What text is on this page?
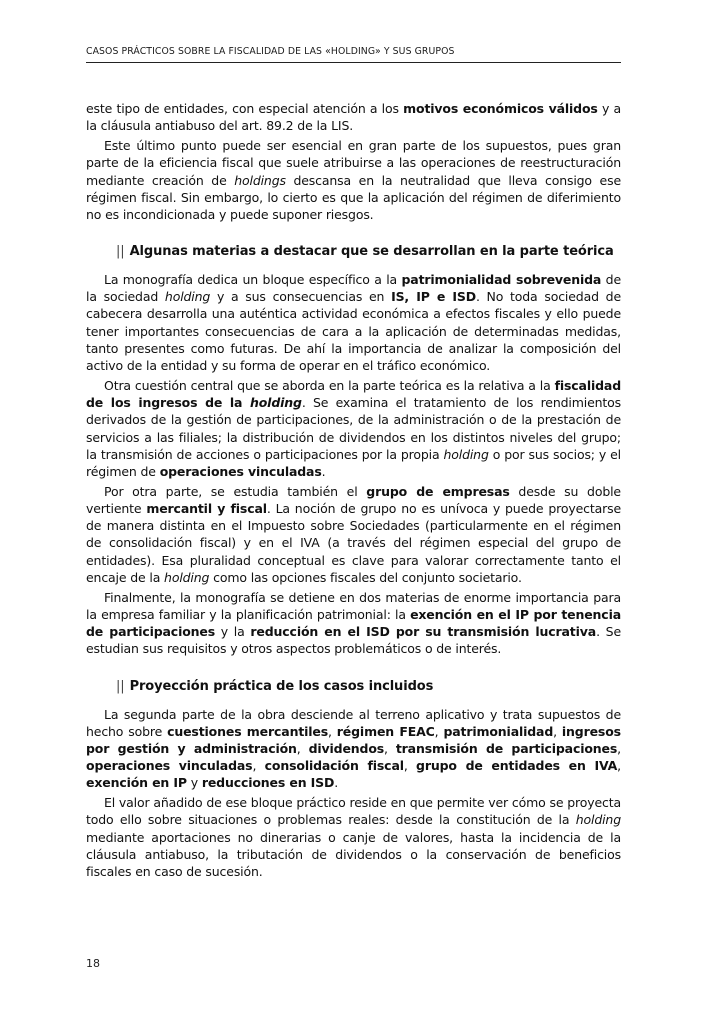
CASOS PRÁCTICOS SOBRE LA FISCALIDAD DE LAS «HOLDING» Y SUS GRUPOS

este tipo de entidades, con especial atención a los motivos económicos válidos y a la cláusula antiabuso del art. 89.2 de la LIS.

Este último punto puede ser esencial en gran parte de los supuestos, pues gran parte de la eficiencia fiscal que suele atribuirse a las operaciones de reestructuración mediante creación de holdings descansa en la neutralidad que lleva consigo ese régimen fiscal. Sin embargo, lo cierto es que la aplicación del régimen de diferimiento no es incondicionada y puede suponer riesgos.

|| Algunas materias a destacar que se desarrollan en la parte teórica

La monografía dedica un bloque específico a la patrimonialidad sobrevenida de la sociedad holding y a sus consecuencias en IS, IP e ISD. No toda sociedad de cabecera desarrolla una auténtica actividad económica a efectos fiscales y ello puede tener importantes consecuencias de cara a la aplicación de determinadas medidas, tanto presentes como futuras. De ahí la importancia de analizar la composición del activo de la entidad y su forma de operar en el tráfico económico.

Otra cuestión central que se aborda en la parte teórica es la relativa a la fiscalidad de los ingresos de la holding. Se examina el tratamiento de los rendimientos derivados de la gestión de participaciones, de la administración o de la prestación de servicios a las filiales; la distribución de dividendos en los distintos niveles del grupo; la transmisión de acciones o participaciones por la propia holding o por sus socios; y el régimen de operaciones vinculadas.

Por otra parte, se estudia también el grupo de empresas desde su doble vertiente mercantil y fiscal. La noción de grupo no es unívoca y puede proyectarse de manera distinta en el Impuesto sobre Sociedades (particularmente en el régimen de consolidación fiscal) y en el IVA (a través del régimen especial del grupo de entidades). Esa pluralidad conceptual es clave para valorar correctamente tanto el encaje de la holding como las opciones fiscales del conjunto societario.

Finalmente, la monografía se detiene en dos materias de enorme importancia para la empresa familiar y la planificación patrimonial: la exención en el IP por tenencia de participaciones y la reducción en el ISD por su transmisión lucrativa. Se estudian sus requisitos y otros aspectos problemáticos o de interés.

|| Proyección práctica de los casos incluidos

La segunda parte de la obra desciende al terreno aplicativo y trata supuestos de hecho sobre cuestiones mercantiles, régimen FEAC, patrimonialidad, ingresos por gestión y administración, dividendos, transmisión de participaciones, operaciones vinculadas, consolidación fiscal, grupo de entidades en IVA, exención en IP y reducciones en ISD.

El valor añadido de ese bloque práctico reside en que permite ver cómo se proyecta todo ello sobre situaciones o problemas reales: desde la constitución de la holding mediante aportaciones no dinerarias o canje de valores, hasta la incidencia de la cláusula antiabuso, la tributación de dividendos o la conservación de beneficios fiscales en caso de sucesión.

18
